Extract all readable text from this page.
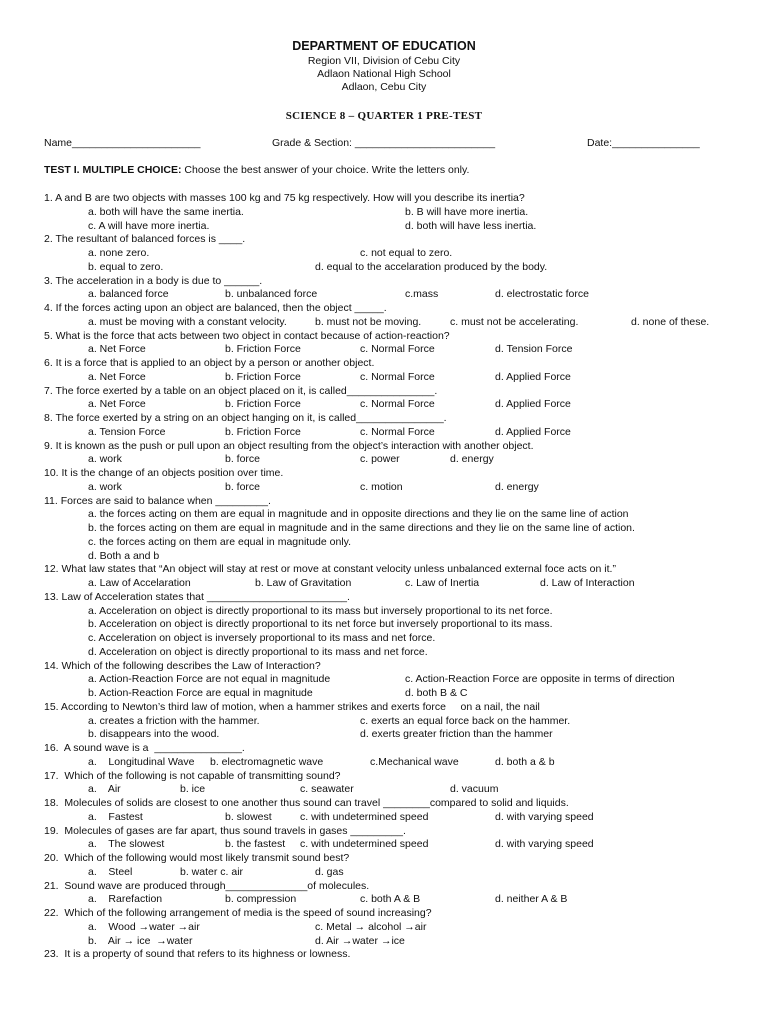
DEPARTMENT OF EDUCATION
Region VII, Division of Cebu City
Adlaon National High School
Adlaon, Cebu City
SCIENCE 8 – QUARTER 1 PRE-TEST
Name______________________	Grade & Section: ________________________	Date:_______________
TEST I. MULTIPLE CHOICE: Choose the best answer of your choice. Write the letters only.
1. A and B are two objects with masses 100 kg and 75 kg respectively. How will you describe its inertia?
a. both will have the same inertia.	b. B will have more inertia.
c. A will have more inertia.	d. both will have less inertia.
2. The resultant of balanced forces is ____.
a. none zero.	c. not equal to zero.
b. equal to zero.	d. equal to the accelaration produced by the body.
3. The acceleration in a body is due to ______.
a. balanced force	b. unbalanced force	c.mass	d. electrostatic force
4. If the forces acting upon an object are balanced, then the object _____.
a. must be moving with a constant velocity.	b. must not be moving.	c. must not be accelerating.	d. none of these.
5. What is the force that acts between two object in contact because of action-reaction?
a. Net Force	b. Friction Force	c. Normal Force	d. Tension Force
6. It is a force that is applied to an object by a person or another object.
a. Net Force	b. Friction Force	c. Normal Force	d. Applied Force
7. The force exerted by a table on an object placed on it, is called_______________.
a. Net Force	b. Friction Force	c. Normal Force	d. Applied Force
8. The force exerted by a string on an object hanging on it, is called_______________.
a. Tension Force	b. Friction Force	c. Normal Force	d. Applied Force
9. It is known as the push or pull upon an object resulting from the object’s interaction with another object.
a. work	b. force	c. power	d. energy
10. It is the change of an objects position over time.
a. work	b. force	c. motion	d. energy
11. Forces are said to balance when _________.
a. the forces acting on them are equal in magnitude and in opposite directions and they lie on the same line of action
b. the forces acting on them are equal in magnitude and in the same directions and they lie on the same line of action.
c. the forces acting on them are equal in magnitude only.
d. Both a and b
12. What law states that “An object will stay at rest or move at constant velocity unless unbalanced external foce acts on it.”
a. Law of Accelaration	b. Law of Gravitation	c. Law of Inertia	d. Law of Interaction
13. Law of Acceleration states that ________________________.
a. Acceleration on object is directly proportional to its mass but inversely proportional to its net force.
b. Acceleration on object is directly proportional to its net force but inversely proportional to its mass.
c. Acceleration on object is inversely proportional to its mass and net force.
d. Acceleration on object is directly proportional to its mass and net force.
14. Which of the following describes the Law of Interaction?
a. Action-Reaction Force are not equal in magnitude	c. Action-Reaction Force are opposite in terms of direction
b. Action-Reaction Force are equal in magnitude	d. both B & C
15. According to Newton’s third law of motion, when a hammer strikes and exerts force     on a nail, the nail
a. creates a friction with the hammer.	c. exerts an equal force back on the hammer.
b. disappears into the wood.	d. exerts greater friction than the hammer
16.  A sound wave is a  _______________.
a.    Longitudinal Wave b. electromagnetic wave	c.Mechanical wave	d. both a & b
17.  Which of the following is not capable of transmitting sound?
a.    Air	b. ice	c. seawater	d. vacuum
18.  Molecules of solids are closest to one another thus sound can travel ________compared to solid and liquids.
a.    Fastest	b. slowest	c. with undetermined speed	d. with varying speed
19.  Molecules of gases are far apart, thus sound travels in gases _________.
a.    The slowest	b. the fastest c. with undetermined speed	d. with varying speed
20.  Which of the following would most likely transmit sound best?
a.    Steel	b. water c. air	d. gas
21.  Sound wave are produced through______________of molecules.
a.    Rarefaction	b. compression	c. both A & B	d. neither A & B
22.  Which of the following arrangement of media is the speed of sound increasing?
a.    Wood →water →air	c. Metal → alcohol →air
b.    Air → ice  →water	d. Air →water →ice
23.  It is a property of sound that refers to its highness or lowness.
